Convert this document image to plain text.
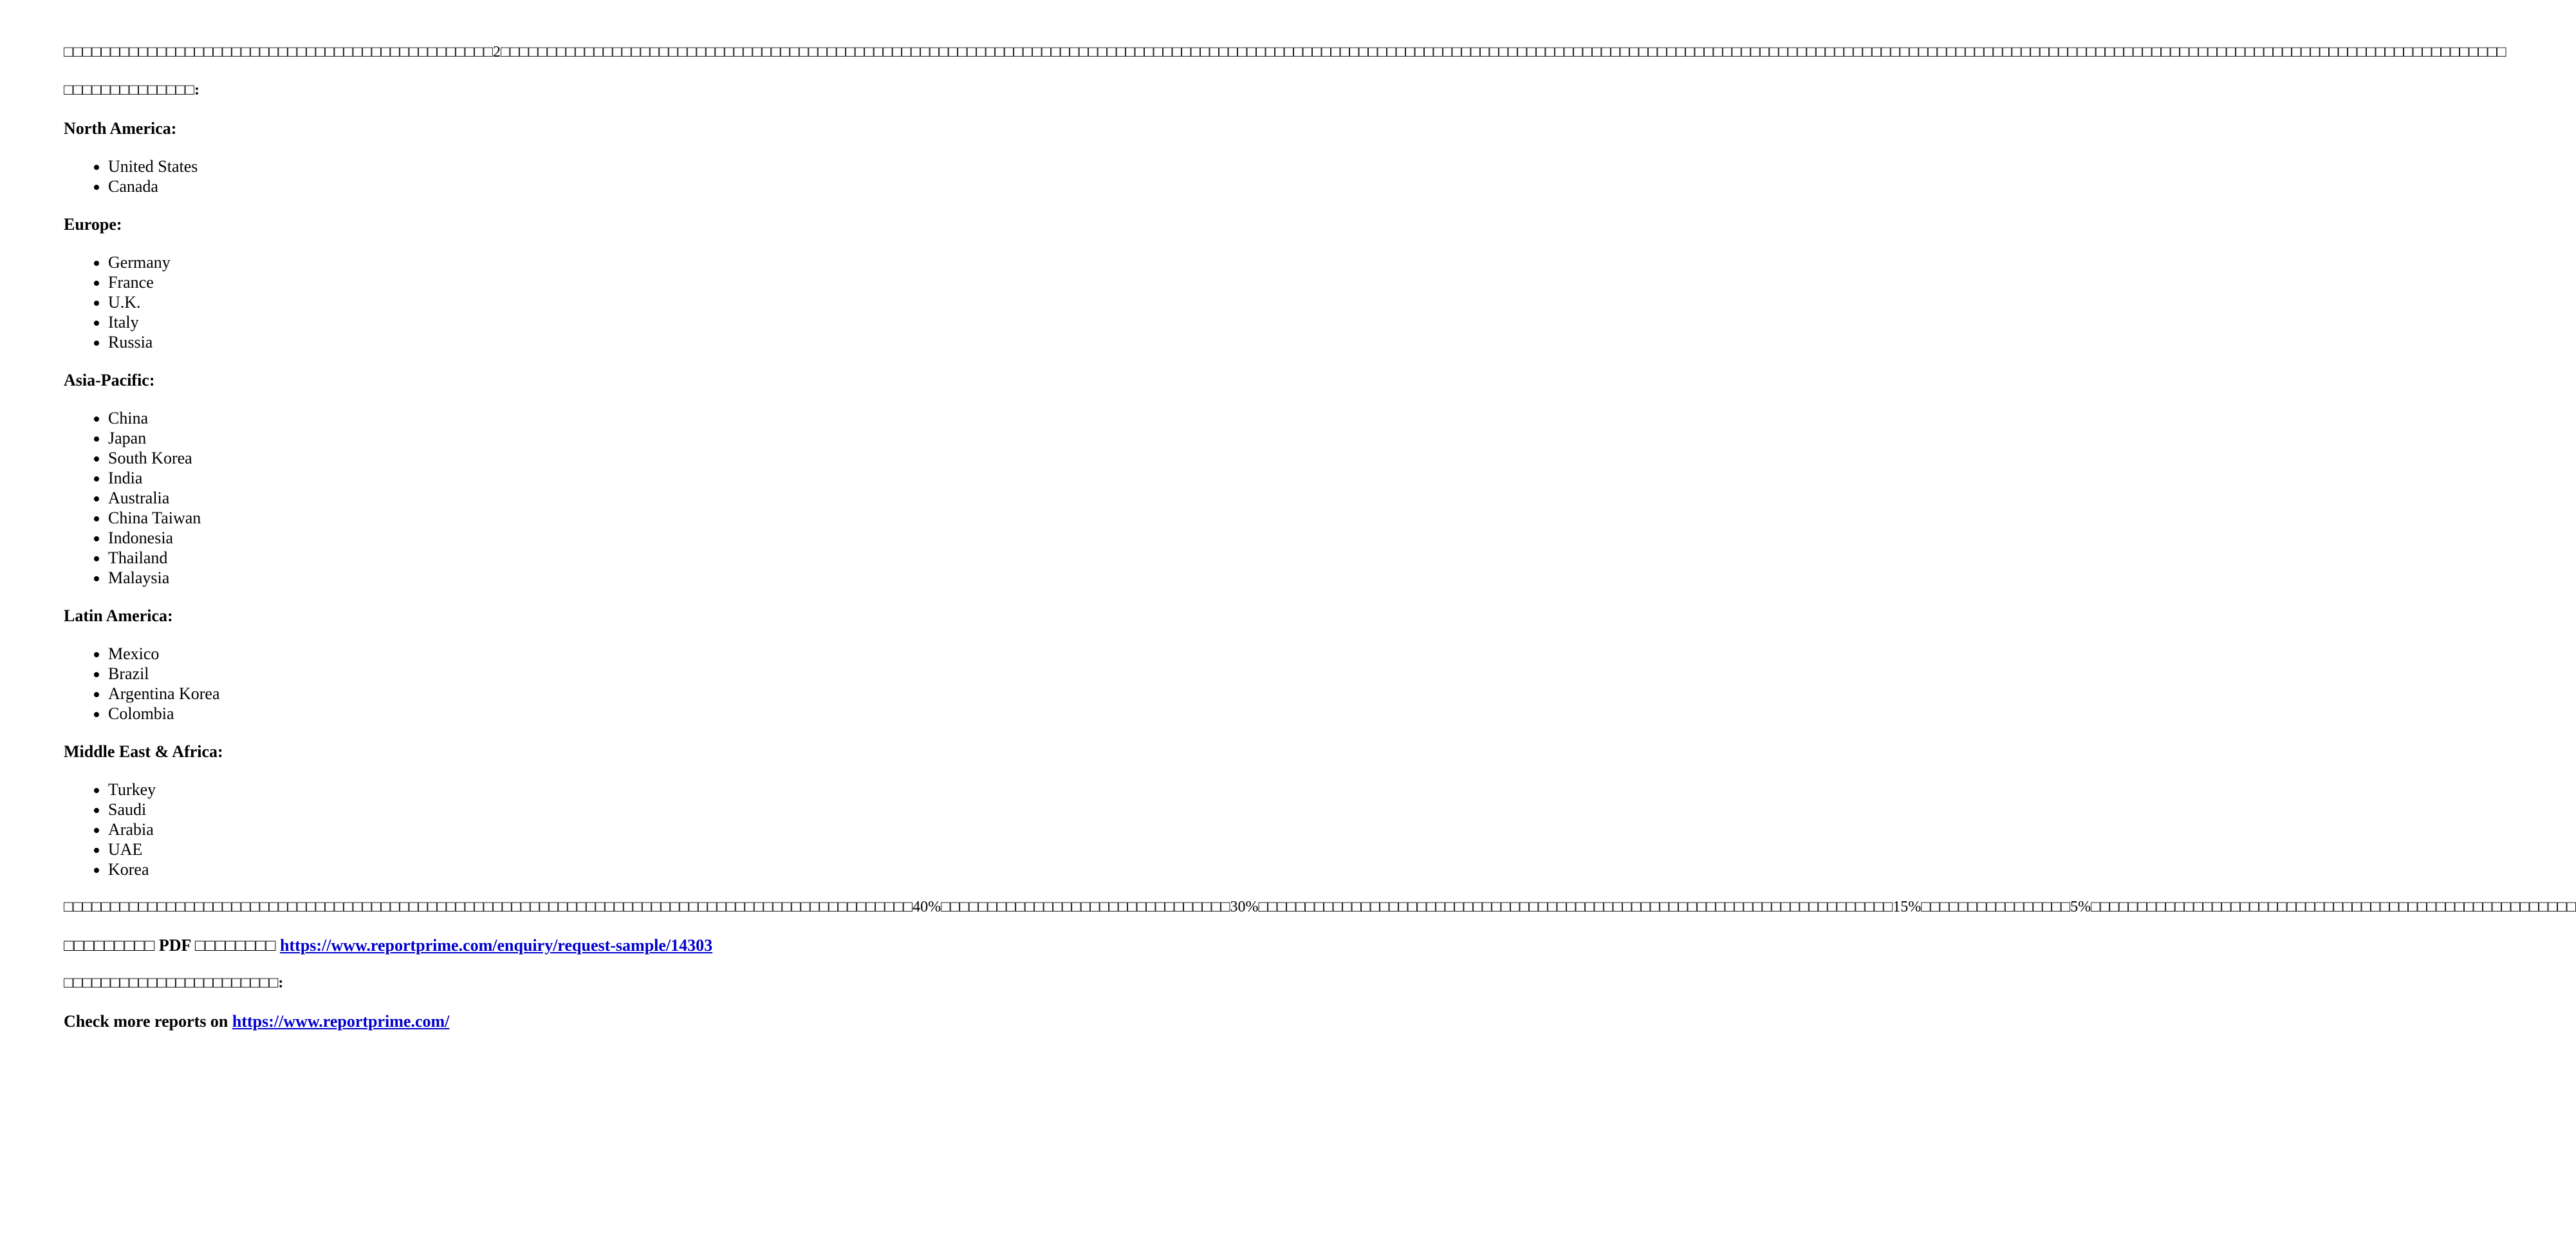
□□□□□□□□□□□□□□□□□□□□□□□□□□□□□□□□□□□□□□□□□□□□□□2□□□□□□□□□□□□□□□□□□□□□□□□□□□□□□□□□□□□□□□□□□□□□□□□□□□□□□□□□□□□□□□□□□□□□□□□□□□□□□□□□□□□□□□□□□□□□□□□□□□□□□□□□□□□□□□□□□□□□□□□□□□□□□□□□□□□□□□□□□□□□□□□□□□□□□□□□□□□□□□□□□□□□□□□□□□□□□□□□□□□□□□□□□□□□□□□□□□□□□□□□□□□□□□□□□□□□□□

□□□□□□□□□□□□□□:

North America:

• United States
• Canada

Europe:

• Germany
• France
• U.K.
• Italy
• Russia

Asia-Pacific:

• China
• Japan
• South Korea
• India
• Australia
• China Taiwan
• Indonesia
• Thailand
• Malaysia

Latin America:

• Mexico
• Brazil
• Argentina Korea
• Colombia

Middle East & Africa:

• Turkey
• Saudi
• Arabia
• UAE
• Korea

□□□□□□□□□□□□□□□□□□□□□□□□□□□□□□□□□□□□□□□□□□□□□□□□□□□□□□□□□□□□□□□□□□□□□□□□□□□□□□□□□□□□□□□□□□□40%□□□□□□□□□□□□□□□□□□□□□□□□□□□□□□□30%□□□□□□□□□□□□□□□□□□□□□□□□□□□□□□□□□□□□□□□□□□□□□□□□□□□□□□□□□□□□□□□□□□□□15%□□□□□□□□□□□□□□□□5%□□□□□□□□□□□□□□□□□□□□□□□□□□□□□□□□□□□□□□□□□□□□□□□□□□□□

□□□□□□□□□ PDF □□□□□□□□ https://www.reportprime.com/enquiry/request-sample/14303

□□□□□□□□□□□□□□□□□□□□□□□:

Check more reports on https://www.reportprime.com/
